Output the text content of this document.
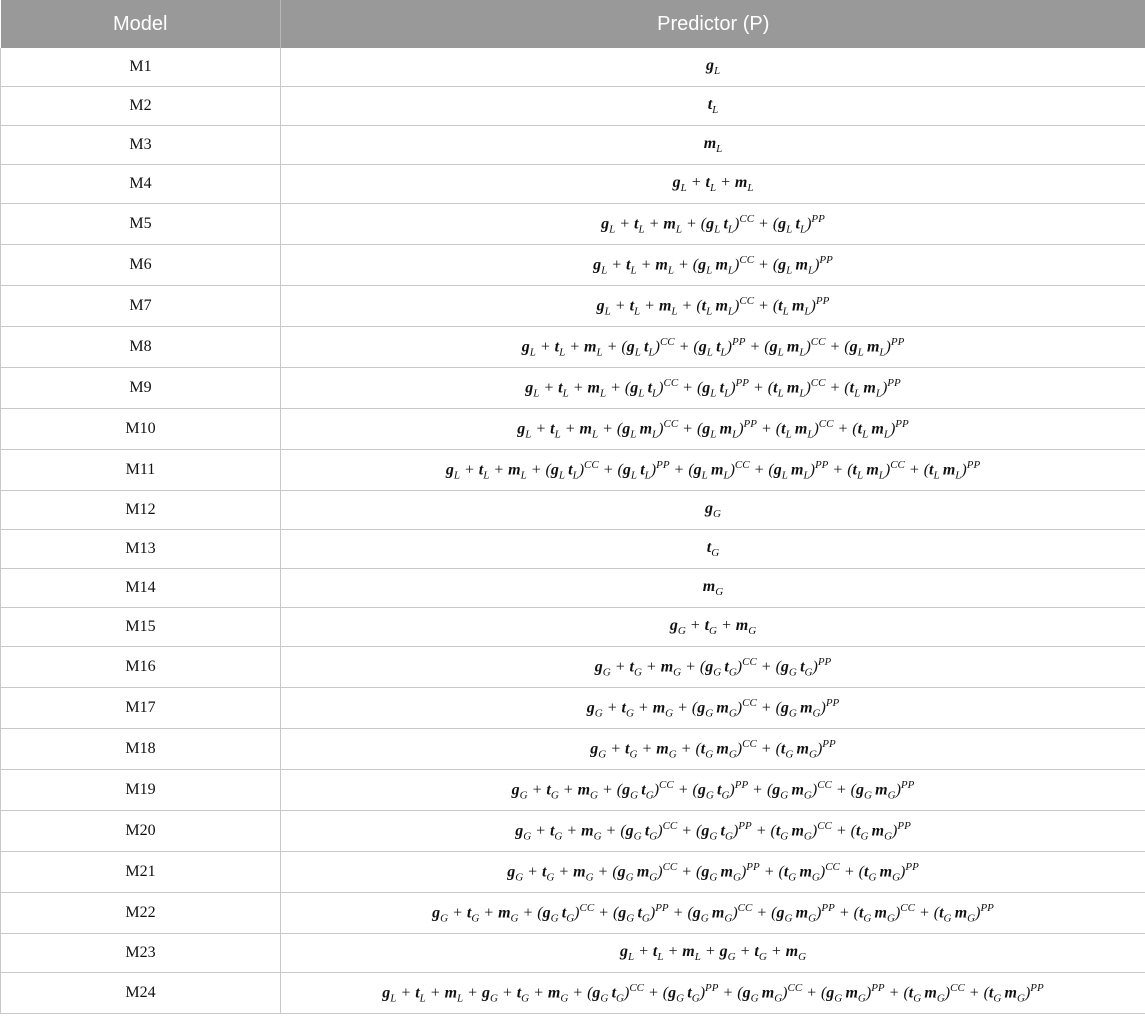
Model	Predictor (P)
M1	$g_L$
M2	$t_L$
M3	$m_L$
M4	$g_L + t_L + m_L$
M5	$g_L + t_L + m_L + (g_L$  $t_L)^{CC} + (g_L$  $t_L)^{PP}$
M6	$g_L + t_L + m_L + (g_L$  $m_L)^{CC} + (g_L$  $m_L)^{PP}$
M7	$g_L + t_L + m_L + (t_L$  $m_L)^{CC} + (t_L$  $m_L)^{PP}$
M8	$g_L + t_L + m_L + (g_L$  $t_L)^{CC} + (g_L$  $t_L)^{PP} + (g_L$  $m_L)^{CC} + (g_L$  $m_L)^{PP}$
M9	$g_L + t_L + m_L + (g_L$  $t_L)^{CC} + (g_L$  $t_L)^{PP} + (t_L$  $m_L)^{CC} + (t_L$  $m_L)^{PP}$
M10	$g_L + t_L + m_L + (g_L$  $m_L)^{CC} + (g_L$  $m_L)^{PP} + (t_L$  $m_L)^{CC} + (t_L$  $m_L)^{PP}$
M11	$g_L + t_L + m_L + (g_L$  $t_L)^{CC} + (g_L$  $t_L)^{PP} + (g_L$  $m_L)^{CC} + (g_L$  $m_L)^{PP} + (t_L$  $m_L)^{CC} + (t_L$  $m_L)^{PP}$
M12	$g_G$
M13	$t_G$
M14	$m_G$
M15	$g_G + t_G + m_G$
M16	$g_G + t_G + m_G + (g_G$  $t_G)^{CC} + (g_G$  $t_G)^{PP}$
M17	$g_G + t_G + m_G + (g_G$  $m_G)^{CC} + (g_G$  $m_G)^{PP}$
M18	$g_G + t_G + m_G + (t_G$  $m_G)^{CC} + (t_G$  $m_G)^{PP}$
M19	$g_G + t_G + m_G + (g_G$  $t_G)^{CC} + (g_G$  $t_G)^{PP} + (g_G$  $m_G)^{CC} + (g_G$  $m_G)^{PP}$
M20	$g_G + t_G + m_G + (g_G$  $t_G)^{CC} + (g_G$  $t_G)^{PP} + (t_G$  $m_G)^{CC} + (t_G$  $m_G)^{PP}$
M21	$g_G + t_G + m_G + (g_G$  $m_G)^{CC} + (g_G$  $m_G)^{PP} + (t_G$  $m_G)^{CC} + (t_G$  $m_G)^{PP}$
M22	$g_G + t_G + m_G + (g_G$  $t_G)^{CC} + (g_G$  $t_G)^{PP} + (g_G$  $m_G)^{CC} + (g_G$  $m_G)^{PP} + (t_G$  $m_G)^{CC} + (t_G$  $m_G)^{PP}$
M23	$g_L + t_L + m_L + g_G + t_G + m_G$
M24	$g_L + t_L + m_L + g_G + t_G + m_G + (g_G$  $t_G)^{CC} + (g_G$  $t_G)^{PP} + (g_G$  $m_G)^{CC} + (g_G$  $m_G)^{PP} + (t_G$  $m_G)^{CC} + (t_G$  $m_G)^{PP}$
